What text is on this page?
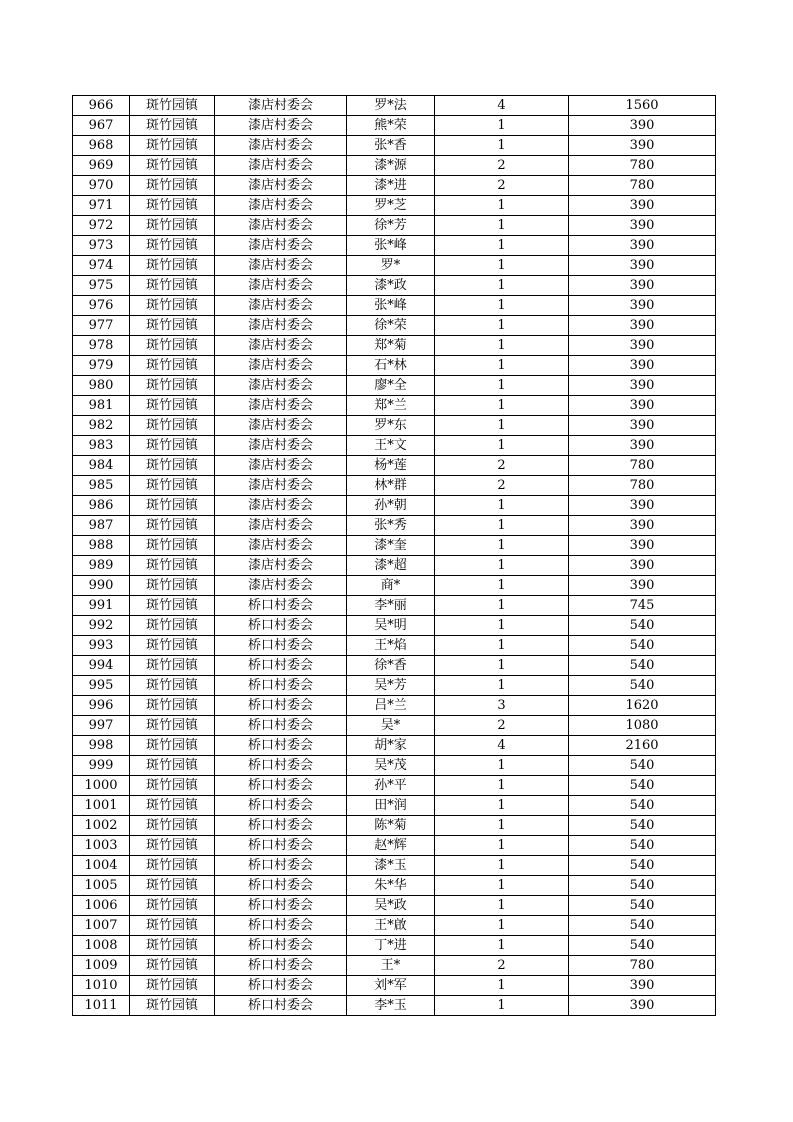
966	斑竹园镇	漆店村委会	罗*法	4	1560
967	斑竹园镇	漆店村委会	熊*荣	1	390
968	斑竹园镇	漆店村委会	张*香	1	390
969	斑竹园镇	漆店村委会	漆*源	2	780
970	斑竹园镇	漆店村委会	漆*进	2	780
971	斑竹园镇	漆店村委会	罗*芝	1	390
972	斑竹园镇	漆店村委会	徐*芳	1	390
973	斑竹园镇	漆店村委会	张*峰	1	390
974	斑竹园镇	漆店村委会	罗*	1	390
975	斑竹园镇	漆店村委会	漆*政	1	390
976	斑竹园镇	漆店村委会	张*峰	1	390
977	斑竹园镇	漆店村委会	徐*荣	1	390
978	斑竹园镇	漆店村委会	郑*菊	1	390
979	斑竹园镇	漆店村委会	石*林	1	390
980	斑竹园镇	漆店村委会	廖*全	1	390
981	斑竹园镇	漆店村委会	郑*兰	1	390
982	斑竹园镇	漆店村委会	罗*东	1	390
983	斑竹园镇	漆店村委会	王*文	1	390
984	斑竹园镇	漆店村委会	杨*莲	2	780
985	斑竹园镇	漆店村委会	林*群	2	780
986	斑竹园镇	漆店村委会	孙*朝	1	390
987	斑竹园镇	漆店村委会	张*秀	1	390
988	斑竹园镇	漆店村委会	漆*奎	1	390
989	斑竹园镇	漆店村委会	漆*超	1	390
990	斑竹园镇	漆店村委会	商*	1	390
991	斑竹园镇	桥口村委会	李*丽	1	745
992	斑竹园镇	桥口村委会	吴*明	1	540
993	斑竹园镇	桥口村委会	王*焰	1	540
994	斑竹园镇	桥口村委会	徐*香	1	540
995	斑竹园镇	桥口村委会	吴*芳	1	540
996	斑竹园镇	桥口村委会	吕*兰	3	1620
997	斑竹园镇	桥口村委会	吴*	2	1080
998	斑竹园镇	桥口村委会	胡*家	4	2160
999	斑竹园镇	桥口村委会	吴*茂	1	540
1000	斑竹园镇	桥口村委会	孙*平	1	540
1001	斑竹园镇	桥口村委会	田*润	1	540
1002	斑竹园镇	桥口村委会	陈*菊	1	540
1003	斑竹园镇	桥口村委会	赵*辉	1	540
1004	斑竹园镇	桥口村委会	漆*玉	1	540
1005	斑竹园镇	桥口村委会	朱*华	1	540
1006	斑竹园镇	桥口村委会	吴*政	1	540
1007	斑竹园镇	桥口村委会	王*啟	1	540
1008	斑竹园镇	桥口村委会	丁*进	1	540
1009	斑竹园镇	桥口村委会	王*	2	780
1010	斑竹园镇	桥口村委会	刘*军	1	390
1011	斑竹园镇	桥口村委会	李*玉	1	390
